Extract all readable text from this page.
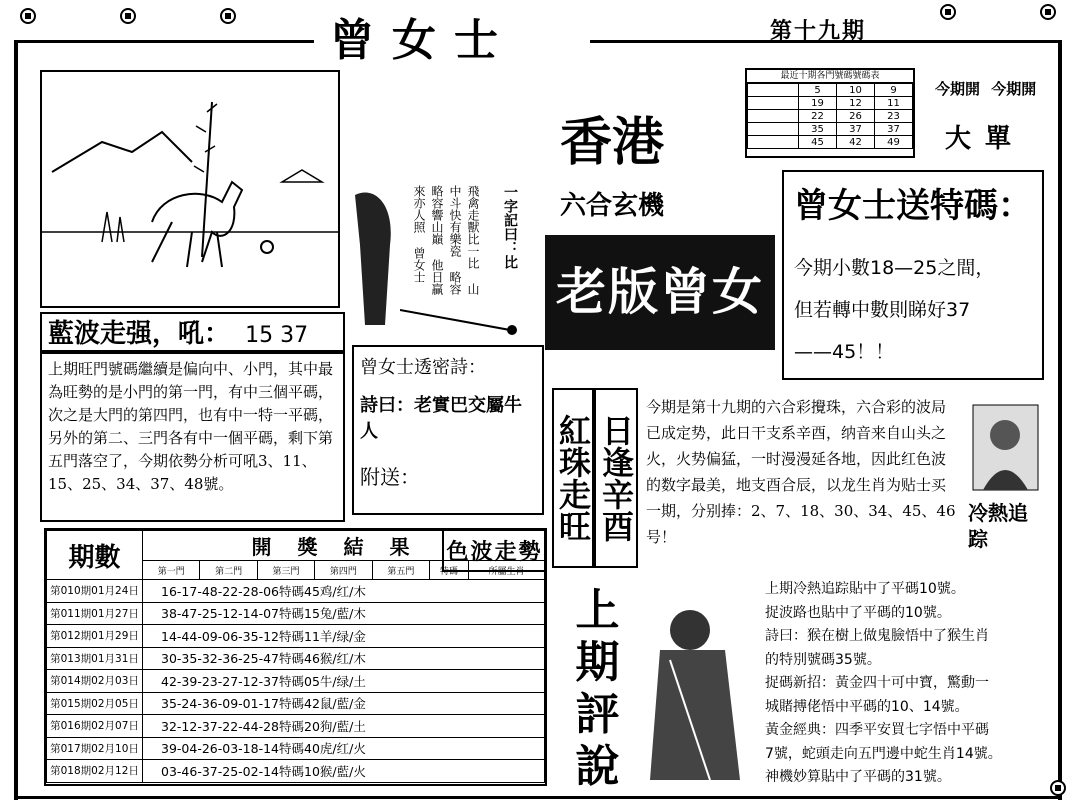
曾女士	第十九期
藍波走强，吼： 15 37
上期旺門號碼繼續是偏向中、小門，其中最為旺勢的是小門的第一門，有中三個平碼，次之是大門的第四門，也有中一特一平碼，另外的第二、三門各有中一個平碼，剩下第五門落空了，今期依勢分析可吼3、11、15、25、34、37、48號。
飛禽走獸比一比 山中斗快有樂瓷 略容略容響山巔 他日贏來亦人照 曾女士	一字記曰：比
曾女士透密詩：
詩曰：老實巴交屬牛人
附送：
最近十期各門號碼號碼表
	5	10	9
	19	12	11
	22	26	23
	35	37	37
	45	42	49
香港
六合玄機
老版曾女士
今期開 今期開
大單
曾女士送特碼：
今期小數18—25之間，
但若轉中數則睇好37
——45！！
紅珠走旺 日逢辛酉
今期是第十九期的六合彩攪珠，六合彩的波局已成定势，此日干支系辛酉，纳音来自山头之火，火势偏猛，一时漫漫延各地，因此红色波的数字最美，地支酉合辰，以龙生肖为贴士买一期，分别捧：2、7、18、30、34、45、46号！
冷熱追踪
上期評說
上期冷熱追踪貼中了平碼10號。
捉波路也貼中了平碼的10號。
詩曰：猴在樹上做鬼臉悟中了猴生肖
的特別號碼35號。
捉碼新招：黃金四十可中寶，驚動一
城賭搏佬悟中平碼的10、14號。
黃金經典：四季平安買七字悟中平碼
7號，蛇頭走向五門邊中蛇生肖14號。
神機妙算貼中了平碼的31號。
期數	開獎結果						
	第一門	第二門	第三門	第四門	第五門	特碼	所屬生肖
第010期01月24日	16-17-48-22-28-06特碼45鸡/红/木						
第011期01月27日	38-47-25-12-14-07特碼15兔/藍/木						
第012期01月29日	14-44-09-06-35-12特碼11羊/绿/金						
第013期01月31日	30-35-32-36-25-47特碼46猴/红/木						
第014期02月03日	42-39-23-27-12-37特碼05牛/绿/土						
第015期02月05日	35-24-36-09-01-17特碼42鼠/藍/金						
第016期02月07日	32-12-37-22-44-28特碼20狗/藍/土						
第017期02月10日	39-04-26-03-18-14特碼40虎/红/火						
第018期02月12日	03-46-37-25-02-14特碼10猴/藍/火						
色波走勢
